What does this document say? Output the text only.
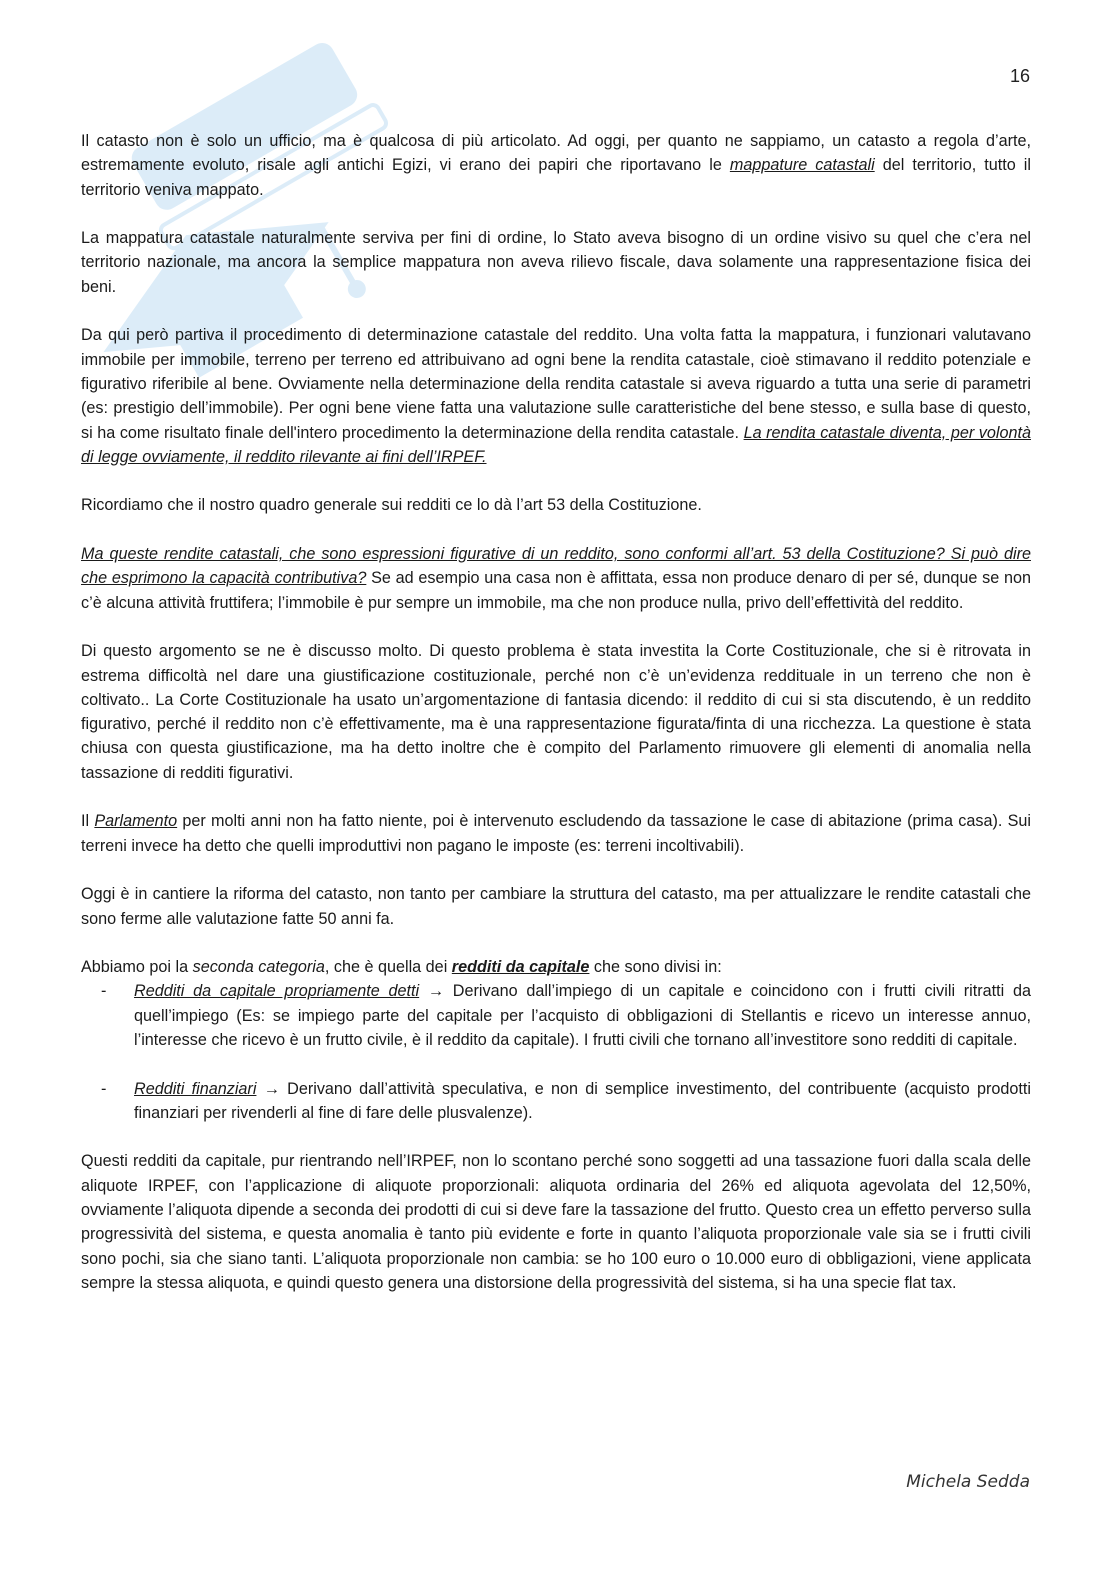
16

Il catasto non è solo un ufficio, ma è qualcosa di più articolato. Ad oggi, per quanto ne sappiamo, un catasto a regola d’arte, estremamente evoluto, risale agli antichi Egizi, vi erano dei papiri che riportavano le mappature catastali del territorio, tutto il territorio veniva mappato.

La mappatura catastale naturalmente serviva per fini di ordine, lo Stato aveva bisogno di un ordine visivo su quel che c’era nel territorio nazionale, ma ancora la semplice mappatura non aveva rilievo fiscale, dava solamente una rappresentazione fisica dei beni.

Da qui però partiva il procedimento di determinazione catastale del reddito. Una volta fatta la mappatura, i funzionari valutavano immobile per immobile, terreno per terreno ed attribuivano ad ogni bene la rendita catastale, cioè stimavano il reddito potenziale e figurativo riferibile al bene. Ovviamente nella determinazione della rendita catastale si aveva riguardo a tutta una serie di parametri (es: prestigio dell’immobile). Per ogni bene viene fatta una valutazione sulle caratteristiche del bene stesso, e sulla base di questo, si ha come risultato finale dell'intero procedimento la determinazione della rendita catastale. La rendita catastale diventa, per volontà di legge ovviamente, il reddito rilevante ai fini dell’IRPEF.

Ricordiamo che il nostro quadro generale sui redditi ce lo dà l’art 53 della Costituzione.

Ma queste rendite catastali, che sono espressioni figurative di un reddito, sono conformi all’art. 53 della Costituzione? Si può dire che esprimono la capacità contributiva? Se ad esempio una casa non è affittata, essa non produce denaro di per sé, dunque se non c’è alcuna attività fruttifera; l’immobile è pur sempre un immobile, ma che non produce nulla, privo dell’effettività del reddito.

Di questo argomento se ne è discusso molto. Di questo problema è stata investita la Corte Costituzionale, che si è ritrovata in estrema difficoltà nel dare una giustificazione costituzionale, perché non c’è un’evidenza reddituale in un terreno che non è coltivato.. La Corte Costituzionale ha usato un’argomentazione di fantasia dicendo: il reddito di cui si sta discutendo, è un reddito figurativo, perché il reddito non c’è effettivamente, ma è una rappresentazione figurata/finta di una ricchezza. La questione è stata chiusa con questa giustificazione, ma ha detto inoltre che è compito del Parlamento rimuovere gli elementi di anomalia nella tassazione di redditi figurativi.

Il Parlamento per molti anni non ha fatto niente, poi è intervenuto escludendo da tassazione le case di abitazione (prima casa). Sui terreni invece ha detto che quelli improduttivi non pagano le imposte (es: terreni incoltivabili).

Oggi è in cantiere la riforma del catasto, non tanto per cambiare la struttura del catasto, ma per attualizzare le rendite catastali che sono ferme alle valutazione fatte 50 anni fa.

Abbiamo poi la seconda categoria, che è quella dei redditi da capitale che sono divisi in:

- Redditi da capitale propriamente detti → Derivano dall’impiego di un capitale e coincidono con i frutti civili ritratti da quell’impiego (Es: se impiego parte del capitale per l’acquisto di obbligazioni di Stellantis e ricevo un interesse annuo, l’interesse che ricevo è un frutto civile, è il reddito da capitale). I frutti civili che tornano all’investitore sono redditi di capitale.
- Redditi finanziari → Derivano dall’attività speculativa, e non di semplice investimento, del contribuente (acquisto prodotti finanziari per rivenderli al fine di fare delle plusvalenze).

Questi redditi da capitale, pur rientrando nell’IRPEF, non lo scontano perché sono soggetti ad una tassazione fuori dalla scala delle aliquote IRPEF, con l’applicazione di aliquote proporzionali: aliquota ordinaria del 26% ed aliquota agevolata del 12,50%, ovviamente l’aliquota dipende a seconda dei prodotti di cui si deve fare la tassazione del frutto. Questo crea un effetto perverso sulla progressività del sistema, e questa anomalia è tanto più evidente e forte in quanto l’aliquota proporzionale vale sia se i frutti civili sono pochi, sia che siano tanti. L’aliquota proporzionale non cambia: se ho 100 euro o 10.000 euro di obbligazioni, viene applicata sempre la stessa aliquota, e quindi questo genera una distorsione della progressività del sistema, si ha una specie flat tax.

Michela Sedda
